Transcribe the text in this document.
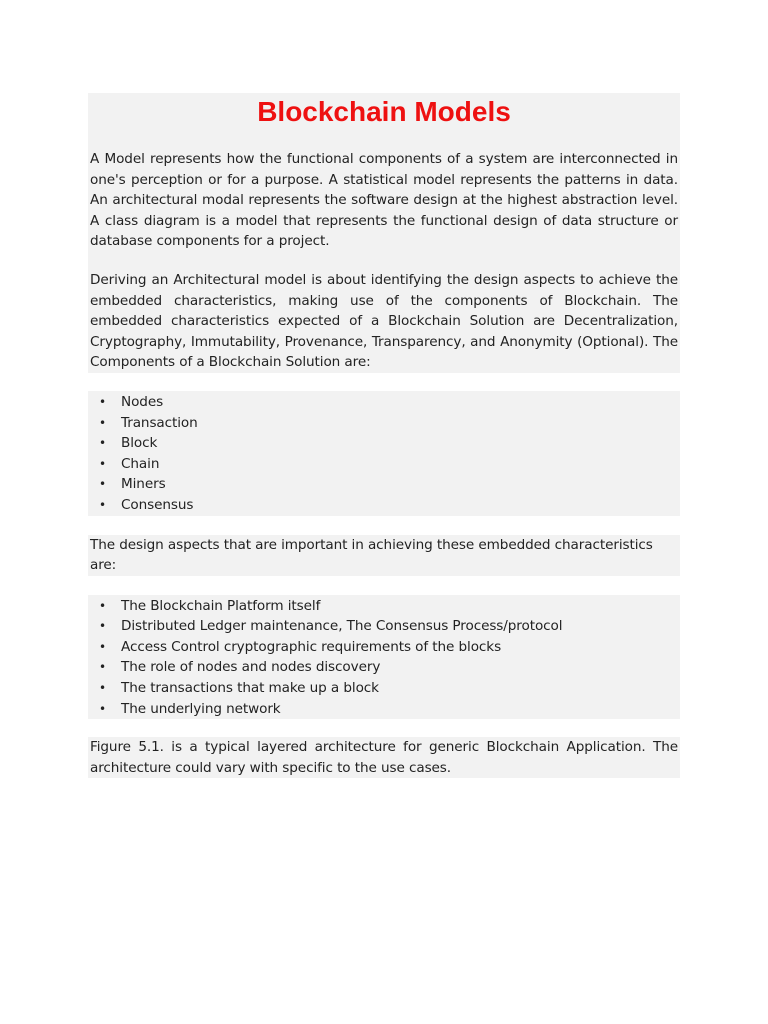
Blockchain Models

A Model represents how the functional components of a system are interconnected in one's perception or for a purpose. A statistical model represents the patterns in data. An architectural modal represents the software design at the highest abstraction level. A class diagram is a model that represents the functional design of data structure or database components for a project.

Deriving an Architectural model is about identifying the design aspects to achieve the embedded characteristics, making use of the components of Blockchain. The embedded characteristics expected of a Blockchain Solution are Decentralization, Cryptography, Immutability, Provenance, Transparency, and Anonymity (Optional). The Components of a Blockchain Solution are:

• Nodes
• Transaction
• Block
• Chain
• Miners
• Consensus
The design aspects that are important in achieving these embedded characteristics are:
• The Blockchain Platform itself
• Distributed Ledger maintenance, The Consensus Process/protocol
• Access Control cryptographic requirements of the blocks
• The role of nodes and nodes discovery
• The transactions that make up a block
• The underlying network

Figure 5.1. is a typical layered architecture for generic Blockchain Application. The architecture could vary with specific to the use cases.
